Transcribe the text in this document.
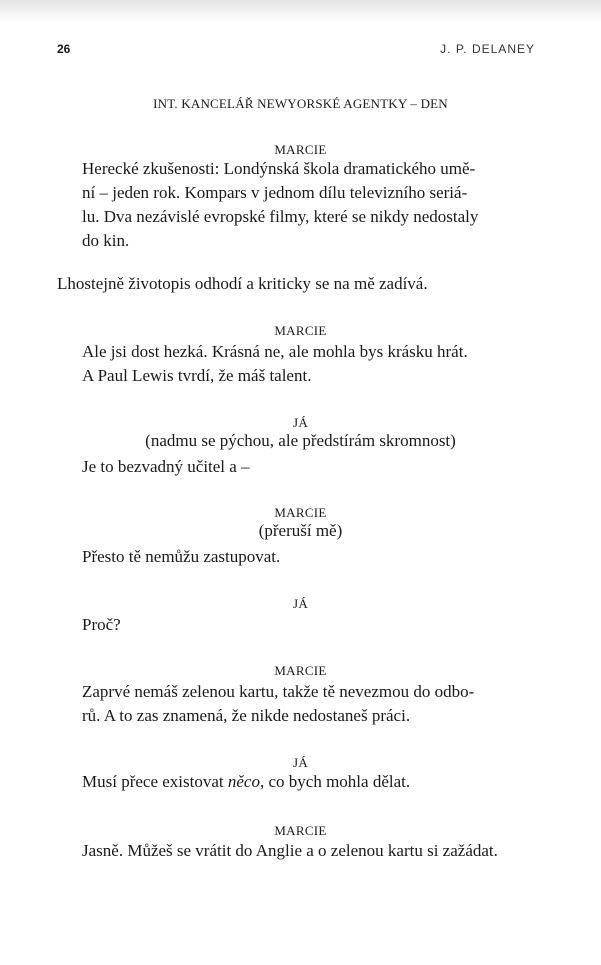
26	J. P. DELANEY
INT. KANCELÁŘ NEWYORSKÉ AGENTKY – DEN
MARCIE
Herecké zkušenosti: Londýnská škola dramatického umě-
ní – jeden rok. Kompars v jednom dílu televizního seriá-
lu. Dva nezávislé evropské filmy, které se nikdy nedostaly
do kin.
Lhostejně životopis odhodí a kriticky se na mě zadívá.
MARCIE
Ale jsi dost hezká. Krásná ne, ale mohla bys krásku hrát.
A Paul Lewis tvrdí, že máš talent.
JÁ
(nadmu se pýchou, ale předstírám skromnost)
Je to bezvadný učitel a –
MARCIE
(přeruší mě)
Přesto tě nemůžu zastupovat.
JÁ
Proč?
MARCIE
Zaprvé nemáš zelenou kartu, takže tě nevezmou do odbo-
rů. A to zas znamená, že nikde nedostaneš práci.
JÁ
Musí přece existovat něco, co bych mohla dělat.
MARCIE
Jasně. Můžeš se vrátit do Anglie a o zelenou kartu si zažádat.
